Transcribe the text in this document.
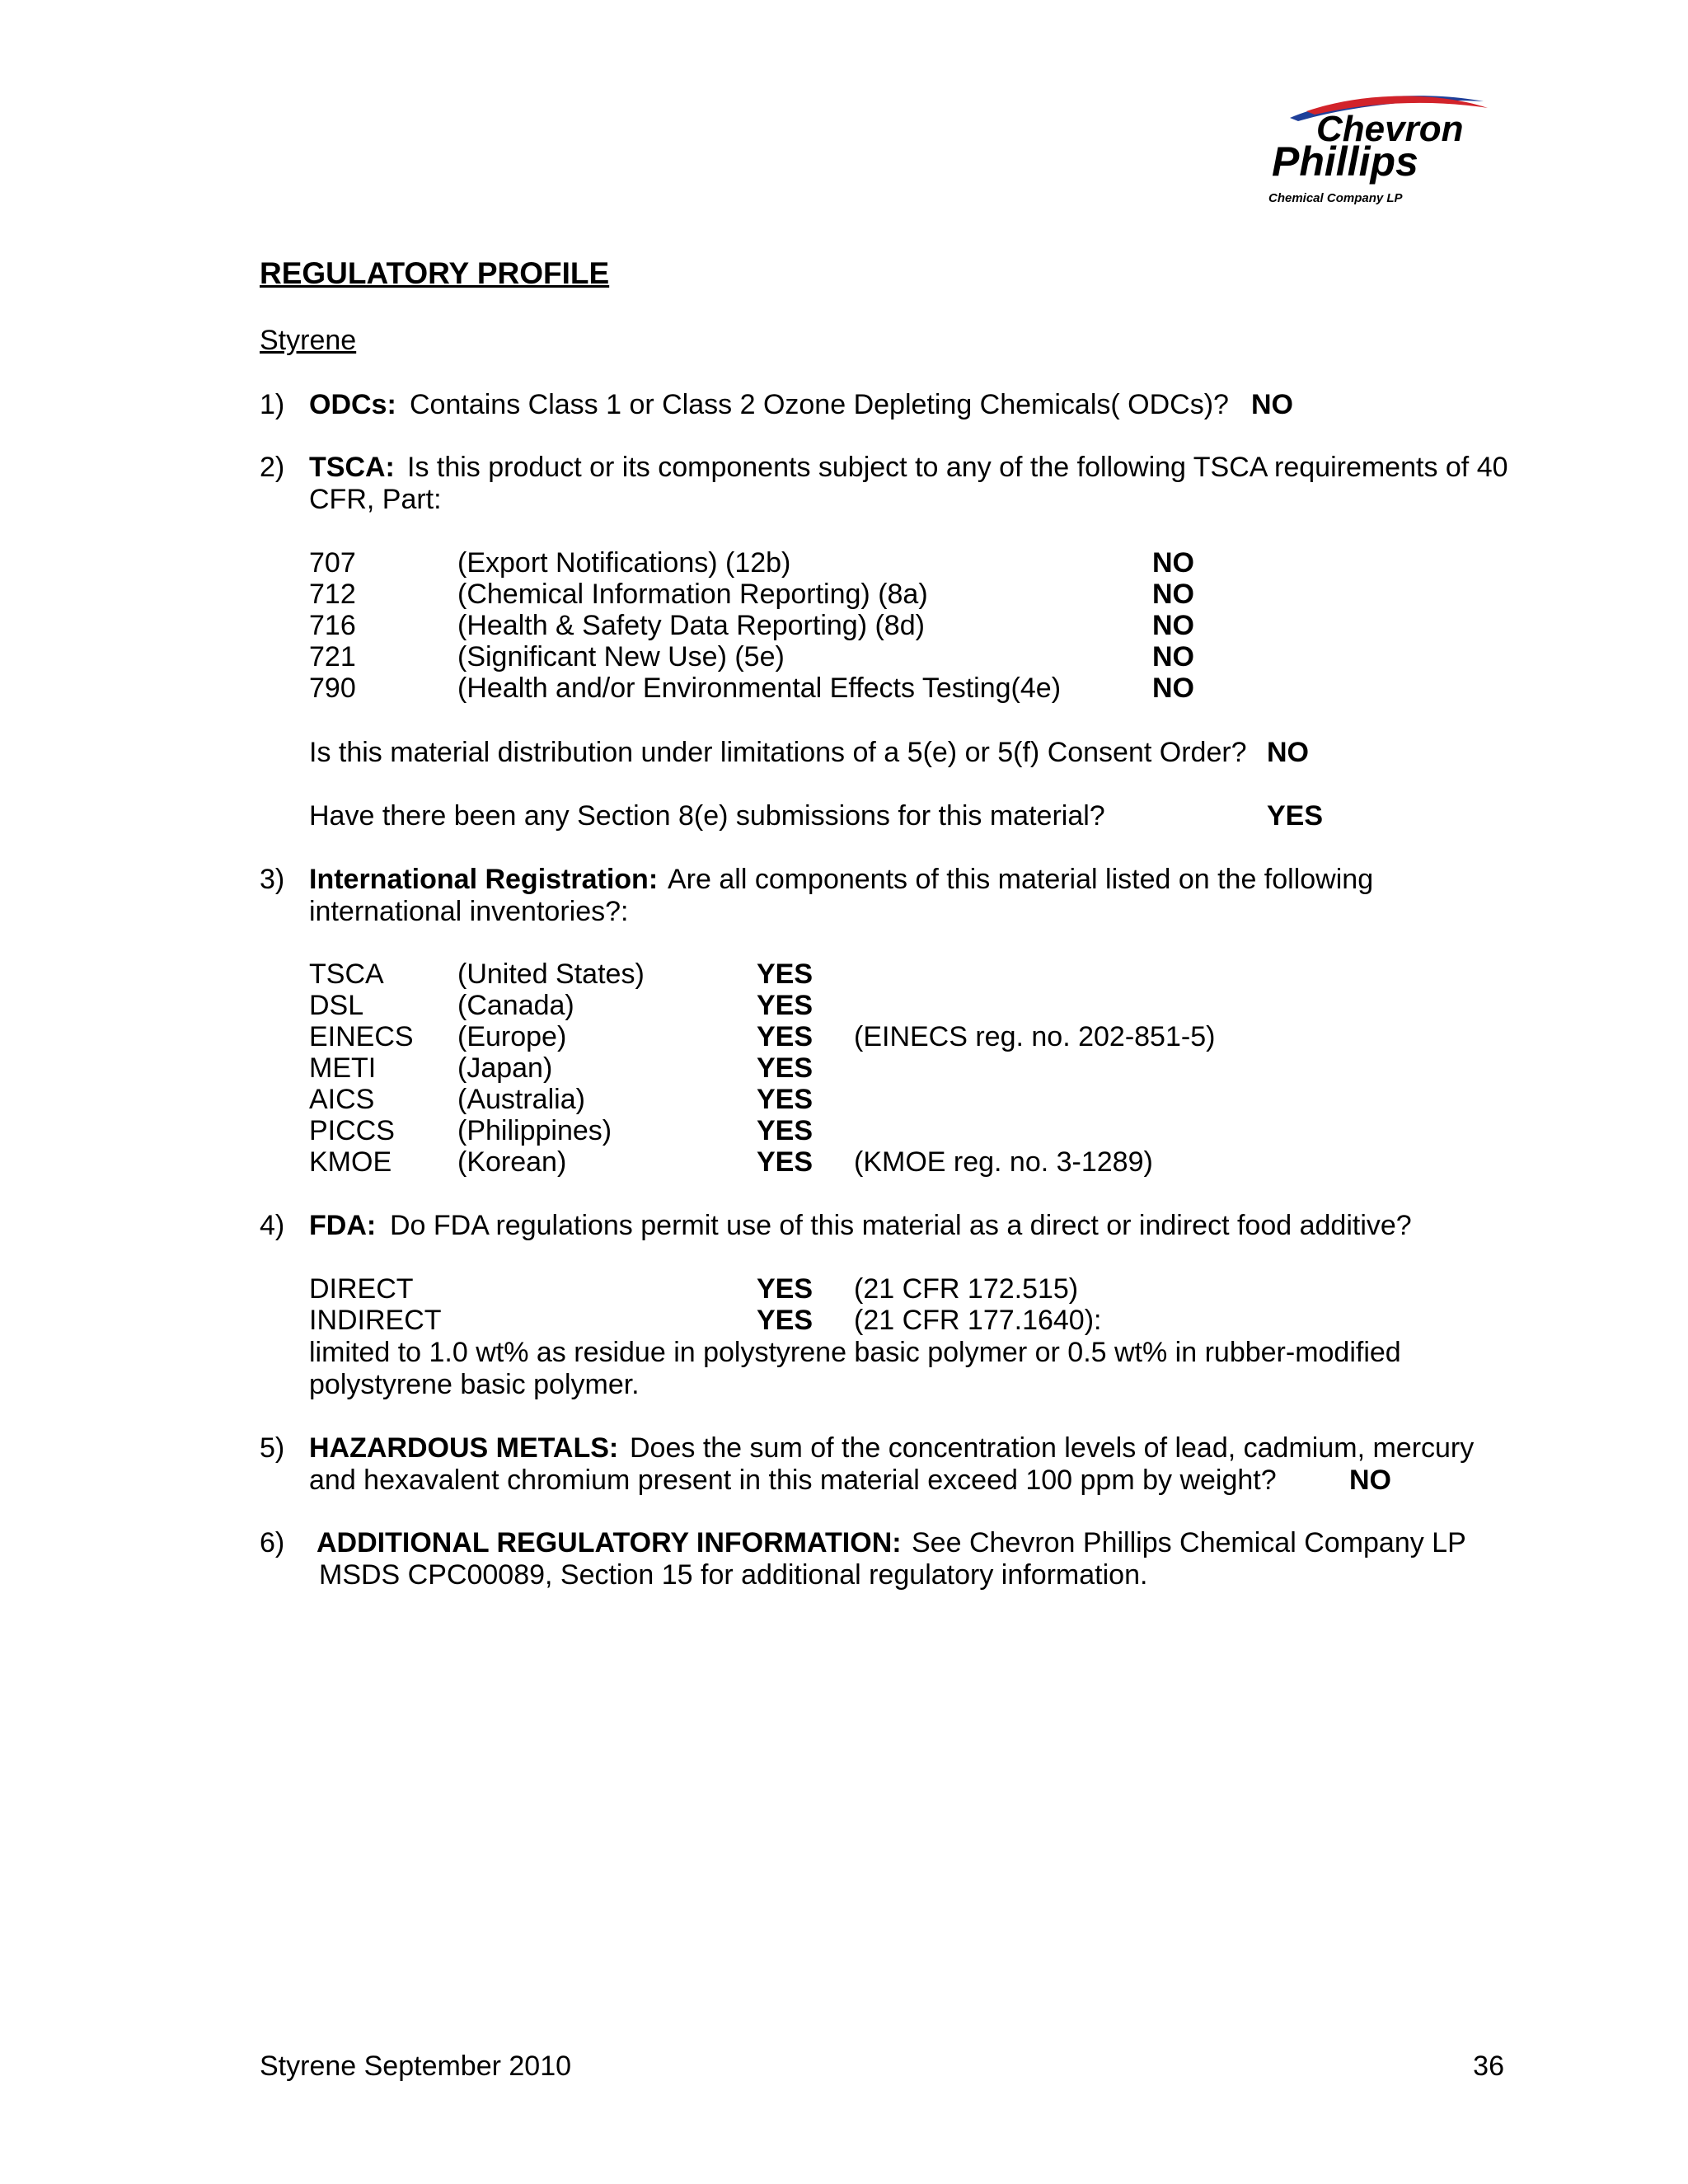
Chevron
Phillips
Chemical Company LP
REGULATORY PROFILE
Styrene
1) ODCs: Contains Class 1 or Class 2 Ozone Depleting Chemicals( ODCs)? NO
2) TSCA: Is this product or its components subject to any of the following TSCA requirements of 40
CFR, Part:
707	(Export Notifications) (12b)	NO
712	(Chemical Information Reporting) (8a)	NO
716	(Health & Safety Data Reporting) (8d)	NO
721	(Significant New Use) (5e)	NO
790	(Health and/or Environmental Effects Testing(4e)	NO
Is this material distribution under limitations of a 5(e) or 5(f) Consent Order? NO
Have there been any Section 8(e) submissions for this material?	YES
3) International Registration: Are all components of this material listed on the following
international inventories?:
TSCA	(United States)	YES
DSL	(Canada)	YES
EINECS (Europe)	YES (EINECS reg. no. 202-851-5)
METI	(Japan)	YES
AICS	(Australia)	YES
PICCS (Philippines)	YES
KMOE (Korean)	YES (KMOE reg. no. 3-1289)
4) FDA: Do FDA regulations permit use of this material as a direct or indirect food additive?
DIRECT	YES (21 CFR 172.515)
INDIRECT	YES (21 CFR 177.1640):
limited to 1.0 wt% as residue in polystyrene basic polymer or 0.5 wt% in rubber-modified
polystyrene basic polymer.
5) HAZARDOUS METALS: Does the sum of the concentration levels of lead, cadmium, mercury
and hexavalent chromium present in this material exceed 100 ppm by weight?	NO
6) ADDITIONAL REGULATORY INFORMATION: See Chevron Phillips Chemical Company LP
MSDS CPC00089, Section 15 for additional regulatory information.
Styrene September 2010	36
